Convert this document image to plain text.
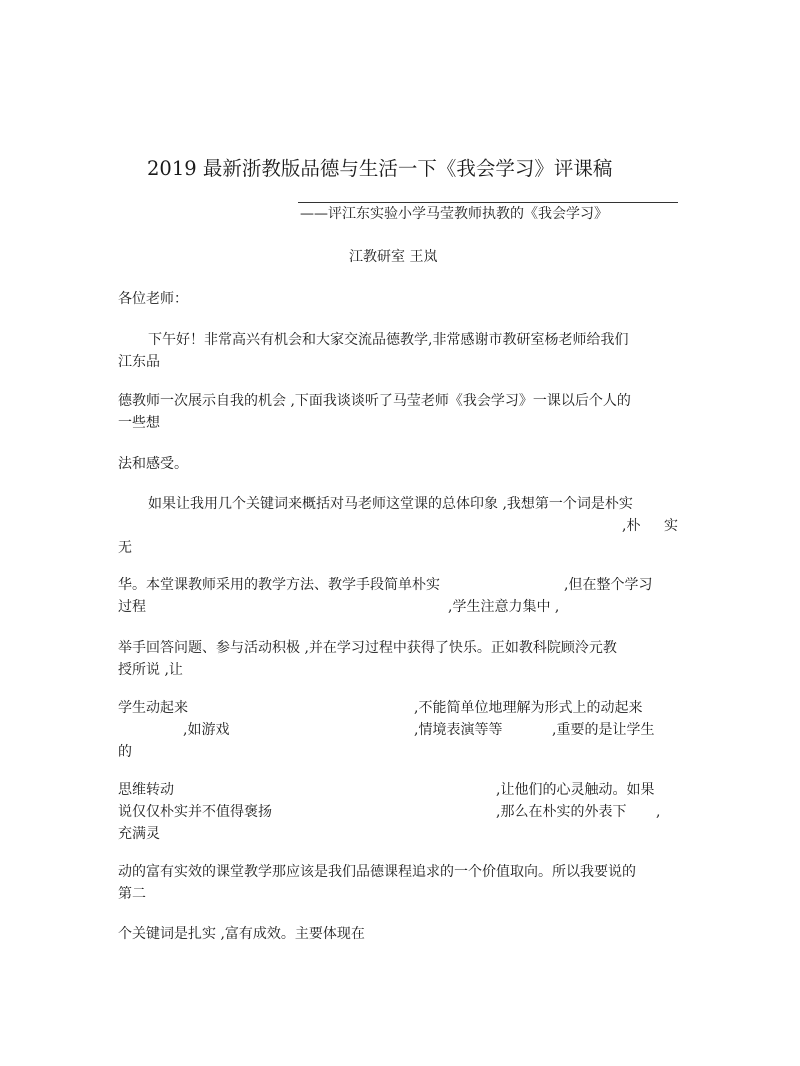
2019 最新浙教版品德与生活一下《我会学习》评课稿
——评江东实验小学马莹教师执教的《我会学习》
江教研室 王岚
各位老师：
下午好！非常高兴有机会和大家交流品德教学,非常感谢市教研室杨老师给我们
江东品
德教师一次展示自我的机会 ,下面我谈谈听了马莹老师《我会学习》一课以后个人的
一些想
法和感受。
如果让我用几个关键词来概括对马老师这堂课的总体印象 ,我想第一个词是朴实
,朴 实
无
华。本堂课教师采用的教学方法、教学手段简单朴实	,但在整个学习
过程	,学生注意力集中 ,
举手回答问题、参与活动积极 ,并在学习过程中获得了快乐。正如教科院顾泠元教
授所说 ,让
学生动起来	,不能简单位地理解为形式上的动起来
,如游戏	,情境表演等等	,重要的是让学生
的
思维转动	,让他们的心灵触动。如果
说仅仅朴实并不值得褒扬	,那么在朴实的外表下 ,
充满灵
动的富有实效的课堂教学那应该是我们品德课程追求的一个价值取向。所以我要说的
第二
个关键词是扎实 ,富有成效。主要体现在
